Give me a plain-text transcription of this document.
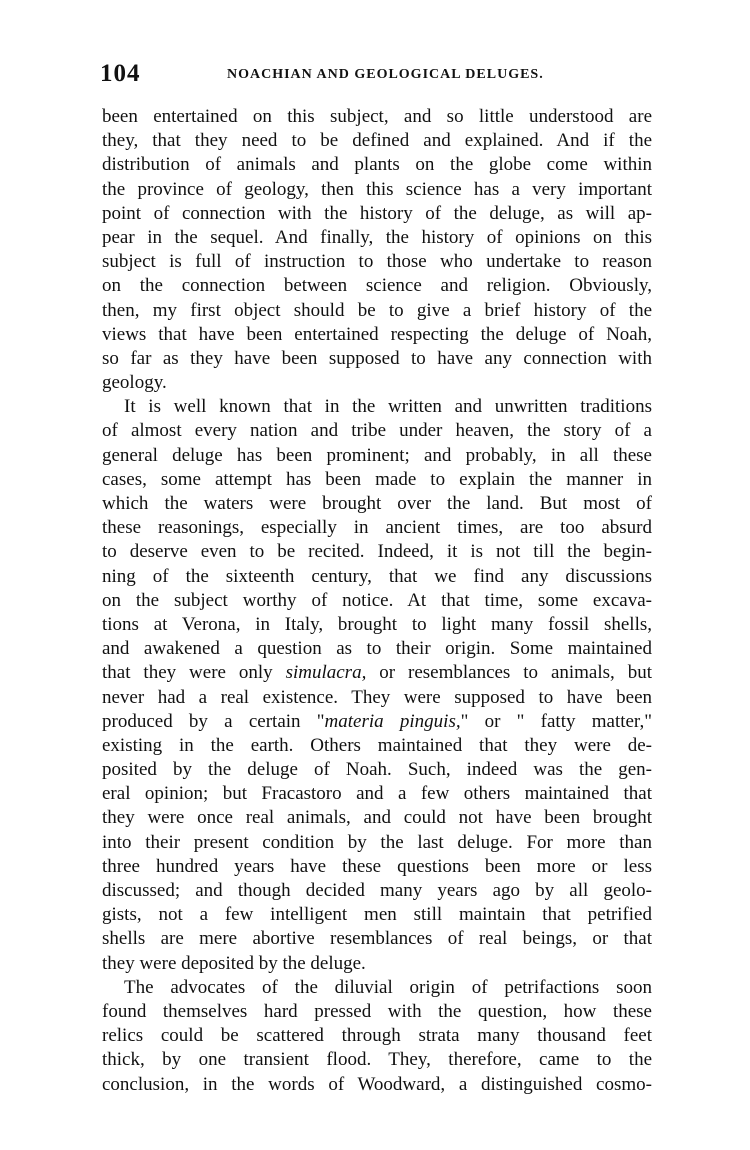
104	NOACHIAN AND GEOLOGICAL DELUGES.
been entertained on this subject, and so little understood are
they, that they need to be defined and explained. And if the
distribution of animals and plants on the globe come within
the province of geology, then this science has a very important
point of connection with the history of the deluge, as will ap-
pear in the sequel. And finally, the history of opinions on this
subject is full of instruction to those who undertake to reason
on the connection between science and religion. Obviously,
then, my first object should be to give a brief history of the
views that have been entertained respecting the deluge of Noah,
so far as they have been supposed to have any connection with
geology.
It is well known that in the written and unwritten traditions
of almost every nation and tribe under heaven, the story of a
general deluge has been prominent; and probably, in all these
cases, some attempt has been made to explain the manner in
which the waters were brought over the land. But most of
these reasonings, especially in ancient times, are too absurd
to deserve even to be recited. Indeed, it is not till the begin-
ning of the sixteenth century, that we find any discussions
on the subject worthy of notice. At that time, some excava-
tions at Verona, in Italy, brought to light many fossil shells,
and awakened a question as to their origin. Some maintained
that they were only simulacra, or resemblances to animals, but
never had a real existence. They were supposed to have been
produced by a certain "materia pinguis," or " fatty matter,"
existing in the earth. Others maintained that they were de-
posited by the deluge of Noah. Such, indeed was the gen-
eral opinion; but Fracastoro and a few others maintained that
they were once real animals, and could not have been brought
into their present condition by the last deluge. For more than
three hundred years have these questions been more or less
discussed; and though decided many years ago by all geolo-
gists, not a few intelligent men still maintain that petrified
shells are mere abortive resemblances of real beings, or that
they were deposited by the deluge.
The advocates of the diluvial origin of petrifactions soon
found themselves hard pressed with the question, how these
relics could be scattered through strata many thousand feet
thick, by one transient flood. They, therefore, came to the
conclusion, in the words of Woodward, a distinguished cosmo-
